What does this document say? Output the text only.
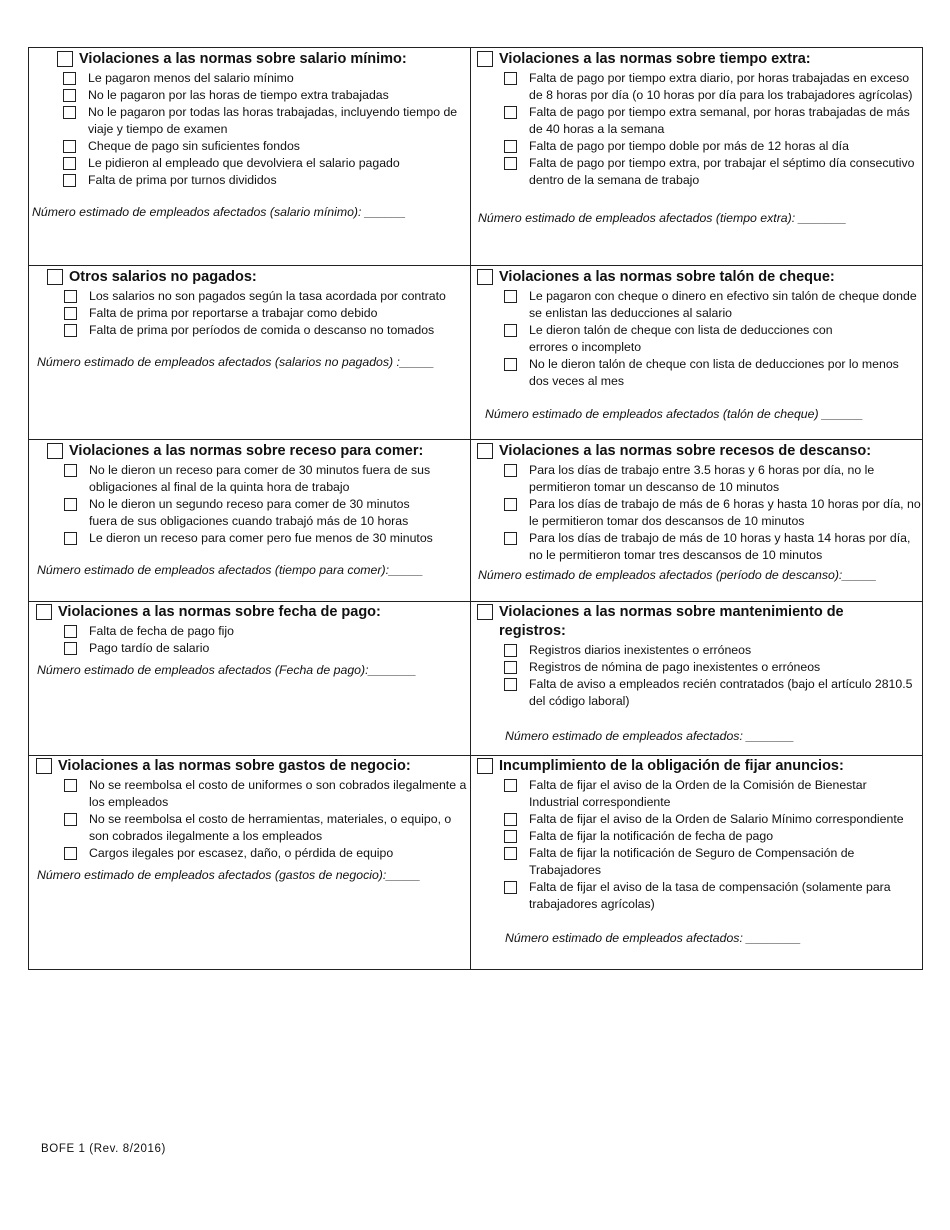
Violaciones a las normas sobre salario mínimo:
Le pagaron menos del salario mínimo
No le pagaron por las horas de tiempo extra trabajadas
No le pagaron por todas las horas trabajadas, incluyendo tiempo de viaje y tiempo de examen
Cheque de pago sin suficientes fondos
Le pidieron al empleado que devolviera el salario pagado
Falta de prima por turnos divididos
Número estimado de empleados afectados (salario mínimo): ______
Violaciones a las normas sobre tiempo extra:
Falta de pago por tiempo extra diario, por horas trabajadas en exceso de 8 horas por día (o 10 horas por día para los trabajadores agrícolas)
Falta de pago por tiempo extra semanal, por horas trabajadas de más de 40 horas a la semana
Falta de pago por tiempo doble por más de 12 horas al día
Falta de pago por tiempo extra, por trabajar el séptimo día consecutivo dentro de la semana de trabajo
Número estimado de empleados afectados (tiempo extra): _______
Otros salarios no pagados:
Los salarios no son pagados según la tasa acordada por contrato
Falta de prima por reportarse a trabajar como debido
Falta de prima por períodos de comida o descanso no tomados
Número estimado de empleados afectados (salarios no pagados) :_____
Violaciones a las normas sobre talón de cheque:
Le pagaron con cheque o dinero en efectivo sin talón de cheque donde se enlistan las deducciones al salario
Le dieron talón de cheque con lista de deducciones con errores o incompleto
No le dieron talón de cheque con lista de deducciones por lo menos dos veces al mes
Número estimado de empleados afectados (talón de cheque) ______
Violaciones a las normas sobre receso para comer:
No le dieron un receso para comer de 30 minutos fuera de sus obligaciones al final de la quinta hora de trabajo
No le dieron un segundo receso para comer de 30 minutos fuera de sus obligaciones cuando trabajó más de 10 horas
Le dieron un receso para comer pero fue menos de 30 minutos
Número estimado de empleados afectados (tiempo para comer):_____
Violaciones a las normas sobre recesos de descanso:
Para los días de trabajo entre 3.5 horas y 6 horas por día, no le permitieron tomar un descanso de 10 minutos
Para los días de trabajo de más de 6 horas y hasta 10 horas por día, no le permitieron tomar dos descansos de 10 minutos
Para los días de trabajo de más de 10 horas y hasta 14 horas por día, no le permitieron tomar tres descansos de 10 minutos
Número estimado de empleados afectados (período de descanso):_____
Violaciones a las normas sobre fecha de pago:
Falta de fecha de pago fijo
Pago tardío de salario
Número estimado de empleados afectados (Fecha de pago):_______
Violaciones a las normas sobre mantenimiento de registros:
Registros diarios inexistentes o erróneos
Registros de nómina de pago inexistentes o erróneos
Falta de aviso a empleados recién contratados (bajo el artículo 2810.5 del código laboral)
Número estimado de empleados afectados: _______
Violaciones a las normas sobre gastos de negocio:
No se reembolsa el costo de uniformes o son cobrados ilegalmente a los empleados
No se reembolsa el costo de herramientas, materiales, o equipo, o son cobrados ilegalmente a los empleados
Cargos ilegales por escasez, daño, o pérdida de equipo
Número estimado de empleados afectados (gastos de negocio):_____
Incumplimiento de la obligación de fijar anuncios:
Falta de fijar el aviso de la Orden de la Comisión de Bienestar Industrial correspondiente
Falta de fijar el aviso de la Orden de Salario Mínimo correspondiente
Falta de fijar la notificación de fecha de pago
Falta de fijar la notificación de Seguro de Compensación de Trabajadores
Falta de fijar el aviso de la tasa de compensación (solamente para trabajadores agrícolas)
Número estimado de empleados afectados: ________
BOFE 1 (Rev. 8/2016)
